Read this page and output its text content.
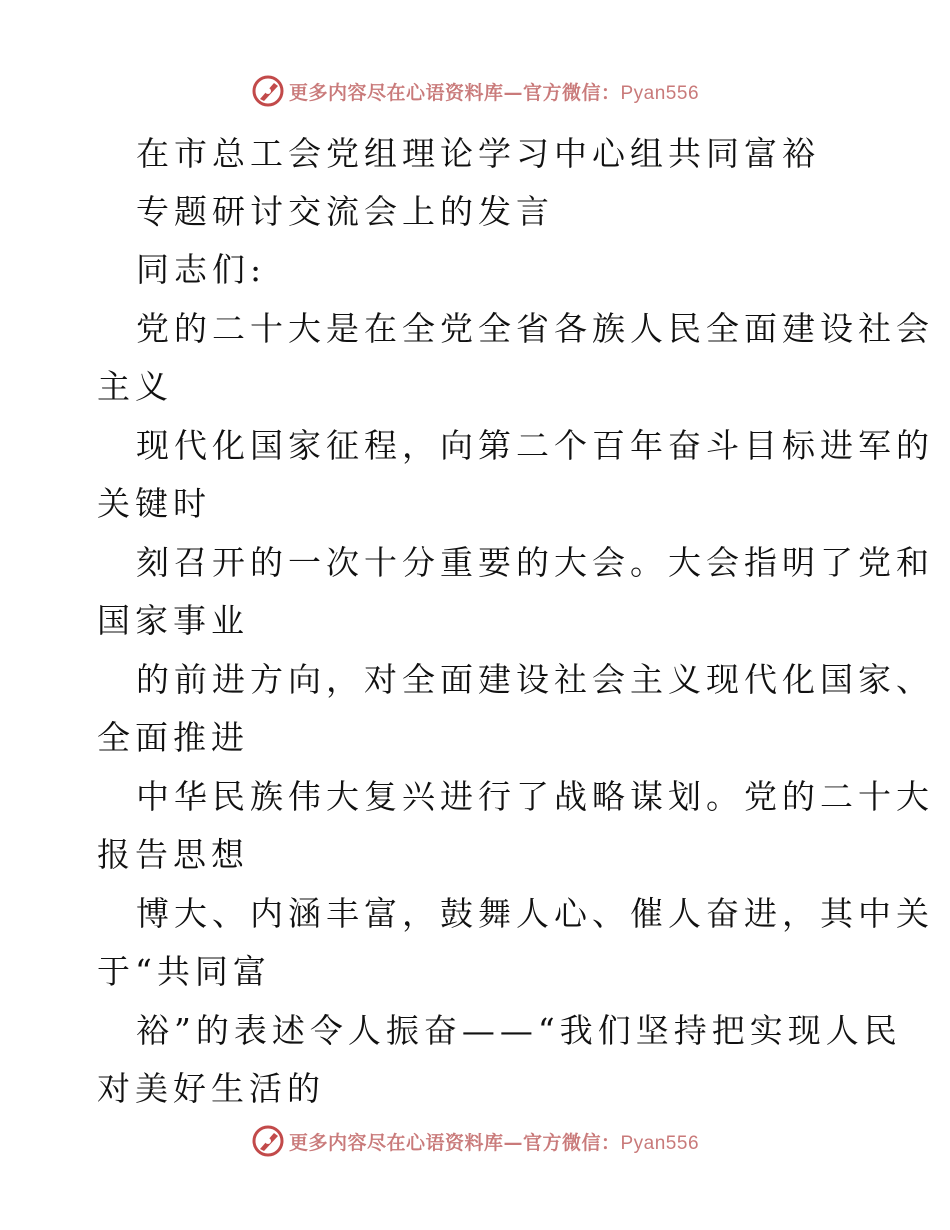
更多内容尽在心语资料库—官方微信：Pyan556
在市总工会党组理论学习中心组共同富裕
专题研讨交流会上的发言
同志们:
党的二十大是在全党全省各族人民全面建设社会
主义
现代化国家征程，向第二个百年奋斗目标进军的
关键时
刻召开的一次十分重要的大会。大会指明了党和
国家事业
的前进方向，对全面建设社会主义现代化国家、
全面推进
中华民族伟大复兴进行了战略谋划。党的二十大
报告思想
博大、内涵丰富，鼓舞人心、催人奋进，其中关
于“共同富
裕”的表述令人振奋——“我们坚持把实现人民
对美好生活的
更多内容尽在心语资料库—官方微信：Pyan556
